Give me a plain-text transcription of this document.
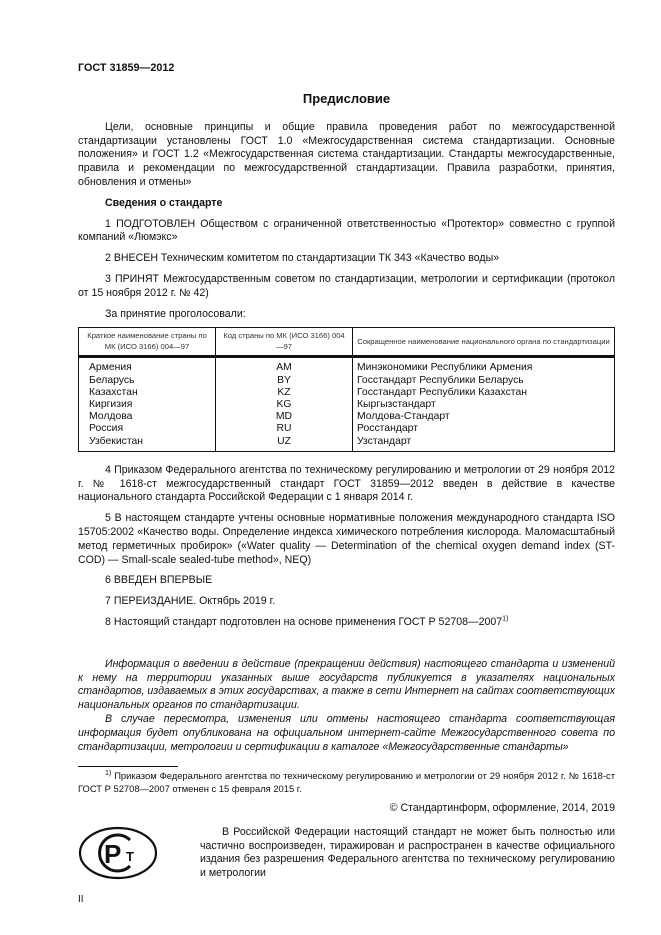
ГОСТ 31859—2012
Предисловие

Цели, основные принципы и общие правила проведения работ по межгосударственной стандартизации установлены ГОСТ 1.0 «Межгосударственная система стандартизации. Основные положения» и ГОСТ 1.2 «Межгосударственная система стандартизации. Стандарты межгосударственные, правила и рекомендации по межгосударственной стандартизации. Правила разработки, принятия, обновления и отмены»

Сведения о стандарте

1 ПОДГОТОВЛЕН Обществом с ограниченной ответственностью «Протектор» совместно с группой компаний «Люмэкс»

2 ВНЕСЕН Техническим комитетом по стандартизации ТК 343 «Качество воды»

3 ПРИНЯТ Межгосударственным советом по стандартизации, метрологии и сертификации (протокол от 15 ноября 2012 г. № 42)

За принятие проголосовали:

Краткое наименование страны по МК (ИСО 3166) 004—97	Код страны по МК (ИСО 3166) 004—97	Сокращенное наименование национального органа по стандартизации
Армения	AM	Минэкономики Республики Армения
Беларусь	BY	Госстандарт Республики Беларусь
Казахстан	KZ	Госстандарт Республики Казахстан
Киргизия	KG	Кыргызстандарт
Молдова	MD	Молдова-Стандарт
Россия	RU	Росстандарт
Узбекистан	UZ	Узстандарт

4 Приказом Федерального агентства по техническому регулированию и метрологии от 29 ноября 2012 г. № 1618-ст межгосударственный стандарт ГОСТ 31859—2012 введен в действие в качестве национального стандарта Российской Федерации с 1 января 2014 г.

5 В настоящем стандарте учтены основные нормативные положения международного стандарта ISO 15705:2002 «Качество воды. Определение индекса химического потребления кислорода. Маломасштабный метод герметичных пробирок» («Water quality — Determination of the chemical oxygen demand index (ST-COD) — Small-scale sealed-tube method», NEQ)

6 ВВЕДЕН ВПЕРВЫЕ

7 ПЕРЕИЗДАНИЕ. Октябрь 2019 г.

8 Настоящий стандарт подготовлен на основе применения ГОСТ Р 52708—2007$^{1)}$

Информация о введении в действие (прекращении действия) настоящего стандарта и изменений к нему на территории указанных выше государств публикуется в указателях национальных стандартов, издаваемых в этих государствах, а также в сети Интернет на сайтах соответствующих национальных органов по стандартизации.

В случае пересмотра, изменения или отмены настоящего стандарта соответствующая информация будет опубликована на официальном интернет-сайте Межгосударственного совета по стандартизации, метрологии и сертификации в каталоге «Межгосударственные стандарты»

$^{1)}$ Приказом Федерального агентства по техническому регулированию и метрологии от 29 ноября 2012 г. № 1618-ст ГОСТ Р 52708—2007 отменен с 15 февраля 2015 г.

© Стандартинформ, оформление, 2014, 2019
P T

В Российской Федерации настоящий стандарт не может быть полностью или частично воспроизведен, тиражирован и распространен в качестве официального издания без разрешения Федерального агентства по техническому регулированию и метрологии

II
